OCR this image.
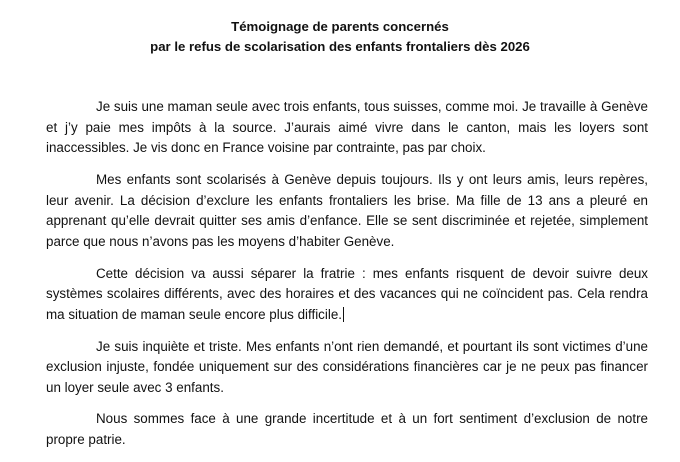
Témoignage de parents concernés
par le refus de scolarisation des enfants frontaliers dès 2026

Je suis une maman seule avec trois enfants, tous suisses, comme moi. Je travaille à Genève et j’y paie mes impôts à la source. J’aurais aimé vivre dans le canton, mais les loyers sont inaccessibles. Je vis donc en France voisine par contrainte, pas par choix.

Mes enfants sont scolarisés à Genève depuis toujours. Ils y ont leurs amis, leurs repères, leur avenir. La décision d’exclure les enfants frontaliers les brise. Ma fille de 13 ans a pleuré en apprenant qu’elle devrait quitter ses amis d’enfance. Elle se sent discriminée et rejetée, simplement parce que nous n’avons pas les moyens d’habiter Genève.

Cette décision va aussi séparer la fratrie : mes enfants risquent de devoir suivre deux systèmes scolaires différents, avec des horaires et des vacances qui ne coïncident pas. Cela rendra ma situation de maman seule encore plus difficile.

Je suis inquiète et triste. Mes enfants n’ont rien demandé, et pourtant ils sont victimes d’une exclusion injuste, fondée uniquement sur des considérations financières car je ne peux pas financer un loyer seule avec 3 enfants.

Nous sommes face à une grande incertitude et à un fort sentiment d’exclusion de notre propre patrie.
